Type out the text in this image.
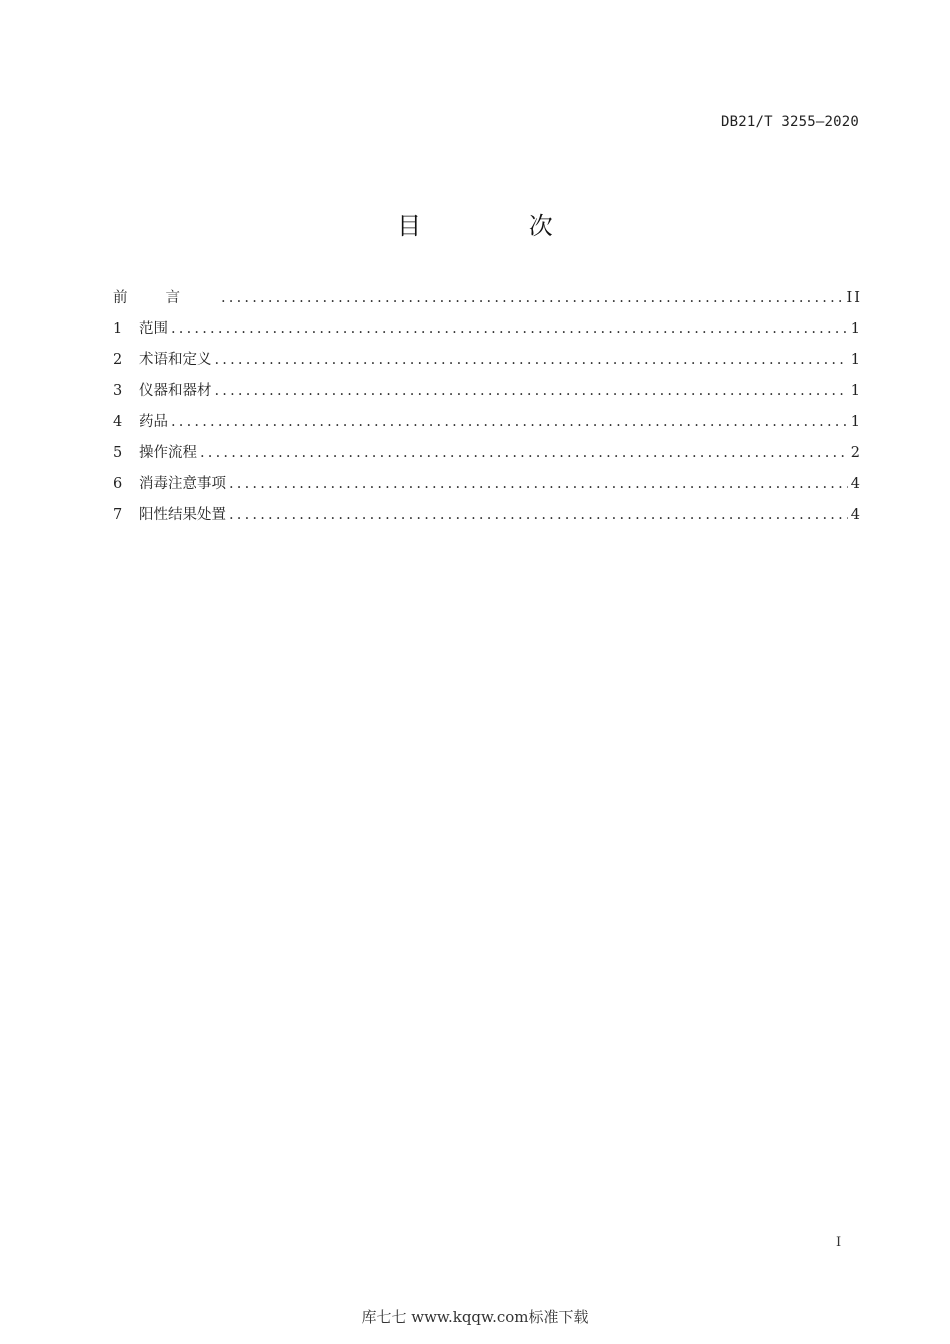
DB21/T 3255—2020
目 次
前言 .....	II
1	范围 .....	1
2	术语和定义 .....	1
3	仪器和器材 .....	1
4	药品 .....	1
5	操作流程 .....	2
6	消毒注意事项 .....	4
7	阳性结果处置 .....	4
I
库七七 www.kqqw.com标准下载
